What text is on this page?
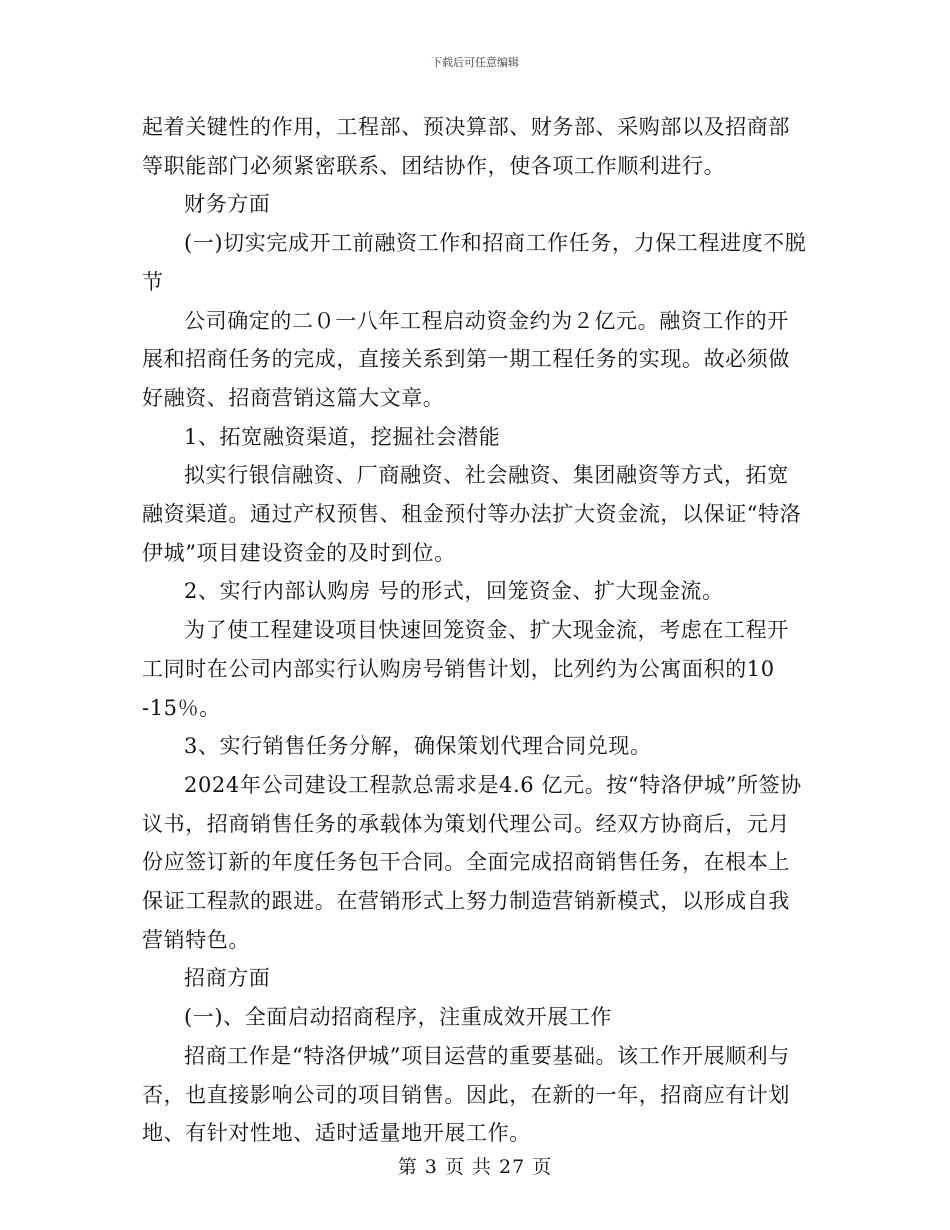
下载后可任意编辑

起着关键性的作用，工程部、预决算部、财务部、采购部以及招商部等职能部门必须紧密联系、团结协作，使各项工作顺利进行。

财务方面

(一)切实完成开工前融资工作和招商工作任务，力保工程进度不脱节

公司确定的二０一八年工程启动资金约为２亿元。融资工作的开展和招商任务的完成，直接关系到第一期工程任务的实现。故必须做好融资、招商营销这篇大文章。

1、拓宽融资渠道，挖掘社会潜能

拟实行银信融资、厂商融资、社会融资、集团融资等方式，拓宽融资渠道。通过产权预售、租金预付等办法扩大资金流，以保证“特洛伊城”项目建设资金的及时到位。

2、实行内部认购房 号的形式，回笼资金、扩大现金流。

为了使工程建设项目快速回笼资金、扩大现金流，考虑在工程开工同时在公司内部实行认购房号销售计划，比列约为公寓面积的10 -15％。

3、实行销售任务分解，确保策划代理合同兑现。

2024年公司建设工程款总需求是4.6 亿元。按“特洛伊城”所签协议书，招商销售任务的承载体为策划代理公司。经双方协商后，元月份应签订新的年度任务包干合同。全面完成招商销售任务，在根本上保证工程款的跟进。在营销形式上努力制造营销新模式，以形成自我营销特色。

招商方面

(一)、全面启动招商程序，注重成效开展工作

招商工作是“特洛伊城”项目运营的重要基础。该工作开展顺利与否，也直接影响公司的项目销售。因此，在新的一年，招商应有计划地、有针对性地、适时适量地开展工作。

第 3 页 共 27 页
